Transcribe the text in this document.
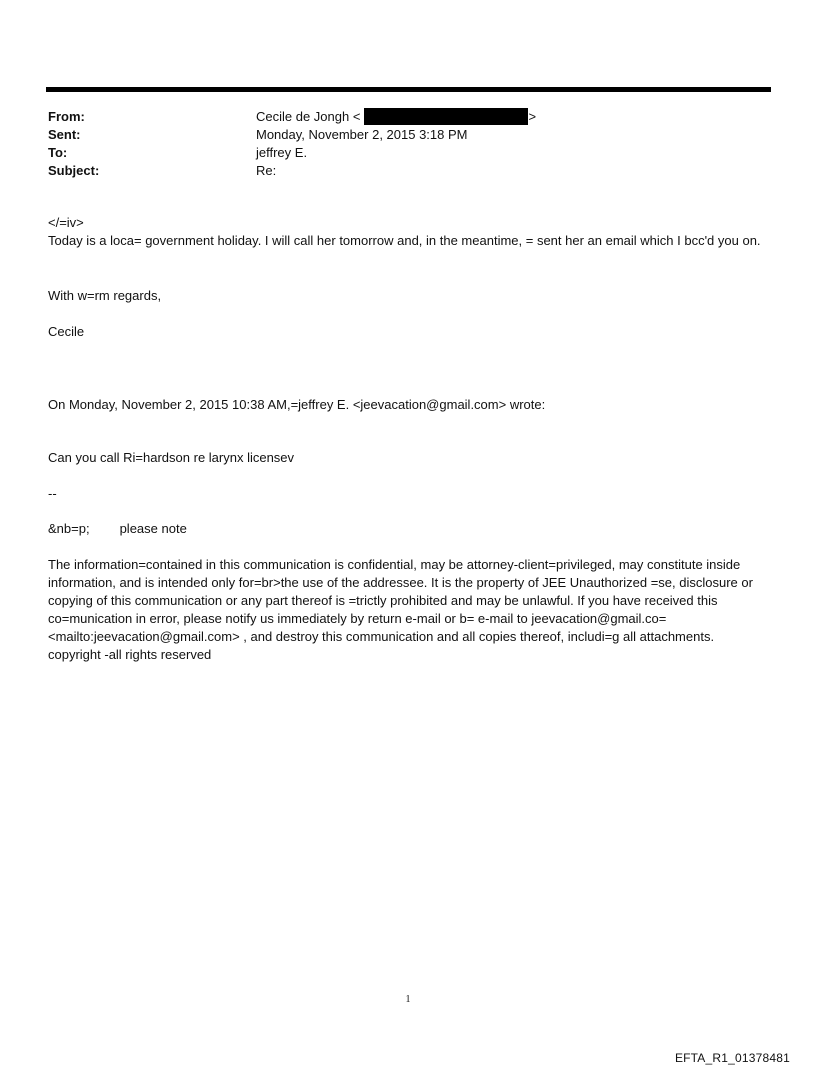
From:	Cecile de Jongh <	>
Sent:	Monday, November 2, 2015 3:18 PM
To:	jeffrey E.
Subject:	Re:

</=iv>

Today is a loca= government holiday. I will call her tomorrow and, in the meantime, = sent her an email which I bcc'd you on.

With w=rm regards,

Cecile

On Monday, November 2, 2015 10:38 AM,=jeffrey E. <jeevacation@gmail.com> wrote:

Can you call Ri=hardson re larynx licensev

--

&nb=p; please note

The information=contained in this communication is confidential, may be attorney-client=privileged, may constitute inside information, and is intended only for=br>the use of the addressee. It is the property of JEE Unauthorized =se, disclosure or copying of this communication or any part thereof is =trictly prohibited and may be unlawful. If you have received this co=munication in error, please notify us immediately by return e-mail or b= e-mail to jeevacation@gmail.co= <mailto:jeevacation@gmail.com> , and destroy this communication and all copies thereof, includi=g all attachments. copyright -all rights reserved

1
EFTA_R1_01378481
